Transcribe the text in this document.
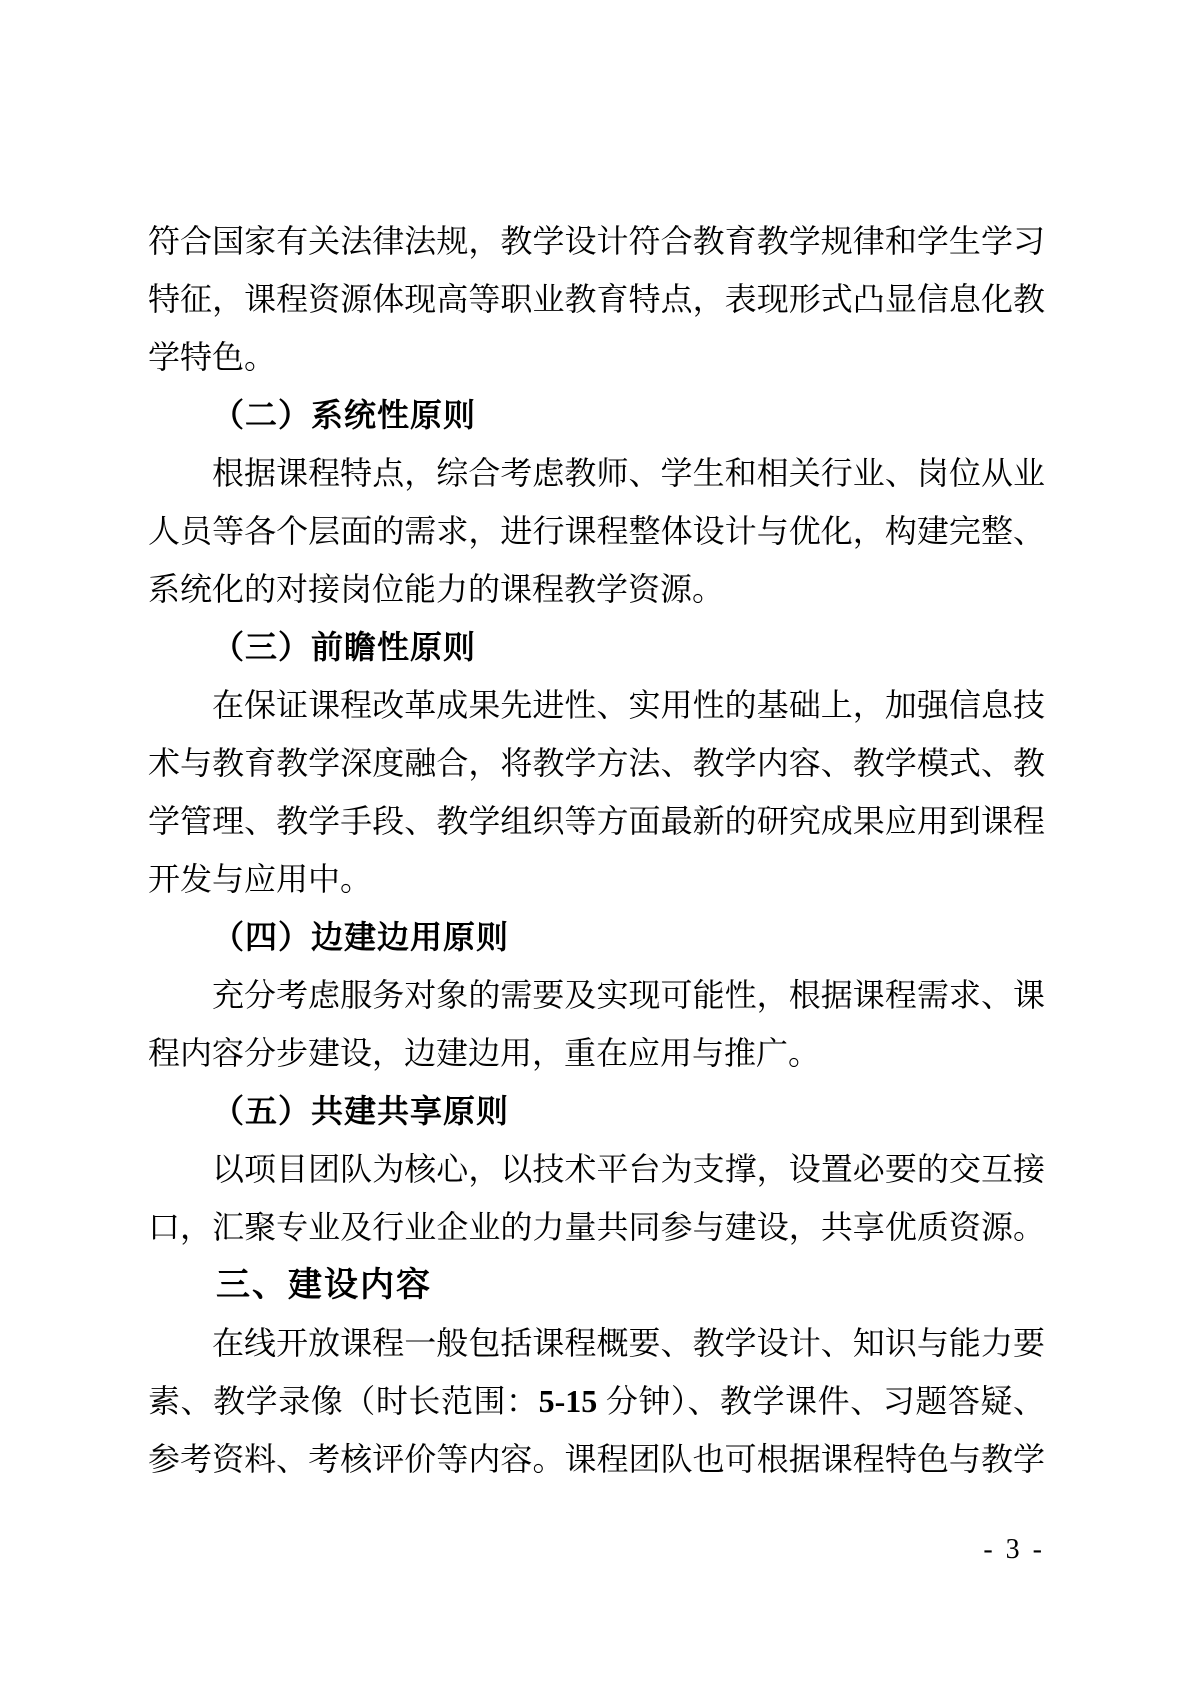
符合国家有关法律法规，教学设计符合教育教学规律和学生学习
特征，课程资源体现高等职业教育特点，表现形式凸显信息化教
学特色。
（二）系统性原则
根据课程特点，综合考虑教师、学生和相关行业、岗位从业
人员等各个层面的需求，进行课程整体设计与优化，构建完整、
系统化的对接岗位能力的课程教学资源。
（三）前瞻性原则
在保证课程改革成果先进性、实用性的基础上，加强信息技
术与教育教学深度融合，将教学方法、教学内容、教学模式、教
学管理、教学手段、教学组织等方面最新的研究成果应用到课程
开发与应用中。
（四）边建边用原则
充分考虑服务对象的需要及实现可能性，根据课程需求、课
程内容分步建设，边建边用，重在应用与推广。
（五）共建共享原则
以项目团队为核心，以技术平台为支撑，设置必要的交互接
口，汇聚专业及行业企业的力量共同参与建设，共享优质资源。
三、建设内容
在线开放课程一般包括课程概要、教学设计、知识与能力要
素、教学录像（时长范围：5-15 分钟）、教学课件、习题答疑、
参考资料、考核评价等内容。课程团队也可根据课程特色与教学
- 3 -
